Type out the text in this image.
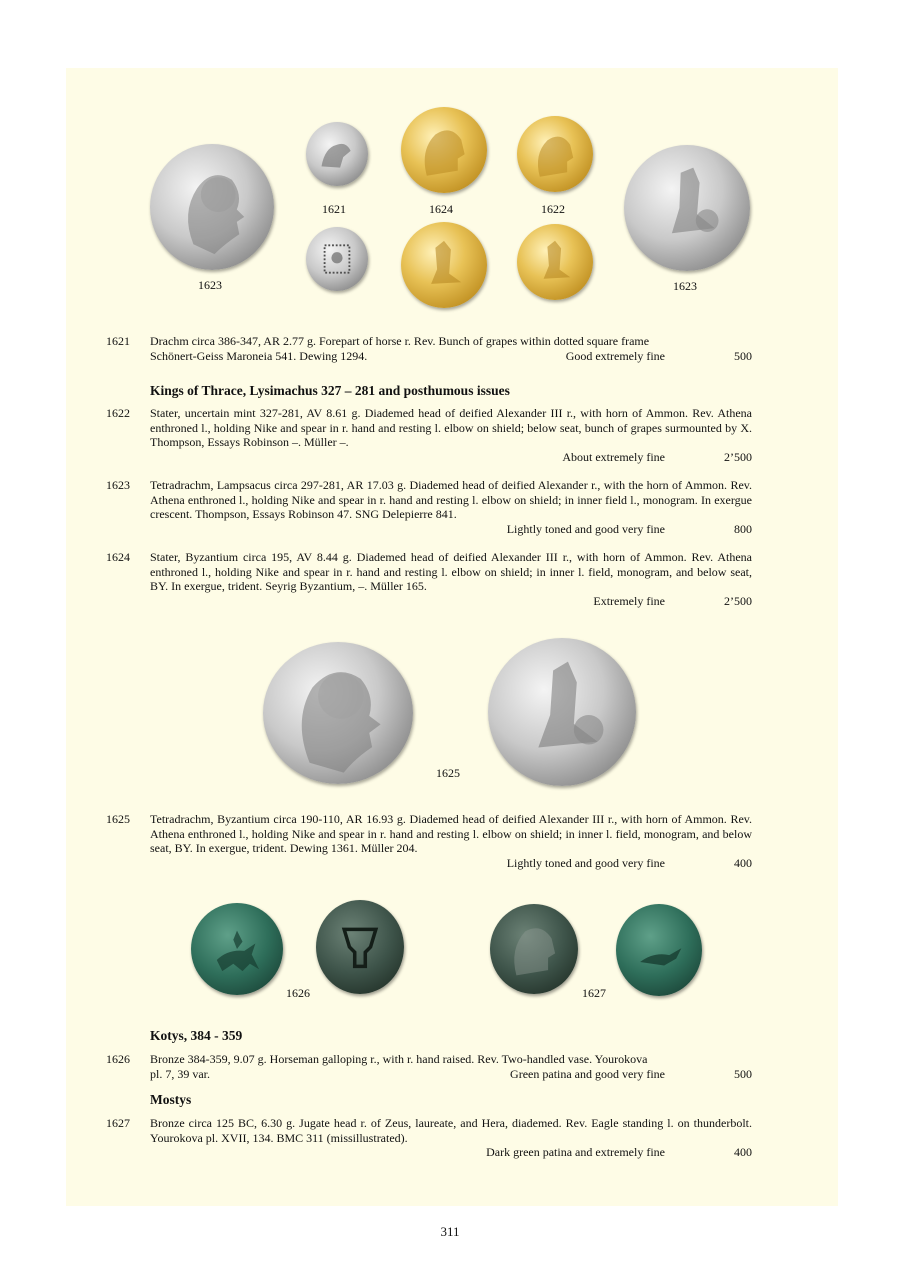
1623
1621	1624	1622
1623
1621	Drachm circa 386-347, AR 2.77 g. Forepart of horse r. Rev. Bunch of grapes within dotted square frame
Schönert-Geiss Maroneia 541. Dewing 1294.	Good extremely fine	500
Kings of Thrace, Lysimachus 327 – 281 and posthumous issues
1622	Stater, uncertain mint 327-281, AV 8.61 g. Diademed head of deified Alexander III r., with horn of Ammon. Rev. Athena enthroned l., holding Nike and spear in r. hand and resting l. elbow on shield; below seat, bunch of grapes surmounted by X. Thompson, Essays Robinson –. Müller –.
About extremely fine	2’500
1623	Tetradrachm, Lampsacus circa 297-281, AR 17.03 g. Diademed head of deified Alexander r., with the horn of Ammon. Rev. Athena enthroned l., holding Nike and spear in r. hand and resting l. elbow on shield; in inner field l., monogram. In exergue crescent. Thompson, Essays Robinson 47. SNG Delepierre 841.
Lightly toned and good very fine	800
1624	Stater, Byzantium circa 195, AV 8.44 g. Diademed head of deified Alexander III r., with horn of Ammon. Rev. Athena enthroned l., holding Nike and spear in r. hand and resting l. elbow on shield; in inner l. field, monogram, and below seat, BY. In exergue, trident. Seyrig Byzantium, –. Müller 165.
Extremely fine	2’500
1625
1625	Tetradrachm, Byzantium circa 190-110, AR 16.93 g. Diademed head of deified Alexander III r., with horn of Ammon. Rev. Athena enthroned l., holding Nike and spear in r. hand and resting l. elbow on shield; in inner l. field, monogram, and below seat, BY. In exergue, trident. Dewing 1361. Müller 204.
Lightly toned and good very fine	400
1626	1627
Kotys, 384 - 359
1626	Bronze 384-359, 9.07 g. Horseman galloping r., with r. hand raised. Rev. Two-handled vase. Yourokova
pl. 7, 39 var.	Green patina and good very fine	500
Mostys
1627	Bronze circa 125 BC, 6.30 g. Jugate head r. of Zeus, laureate, and Hera, diademed. Rev. Eagle standing l. on thunderbolt. Yourokova pl. XVII, 134. BMC 311 (missillustrated).
Dark green patina and extremely fine	400
311
